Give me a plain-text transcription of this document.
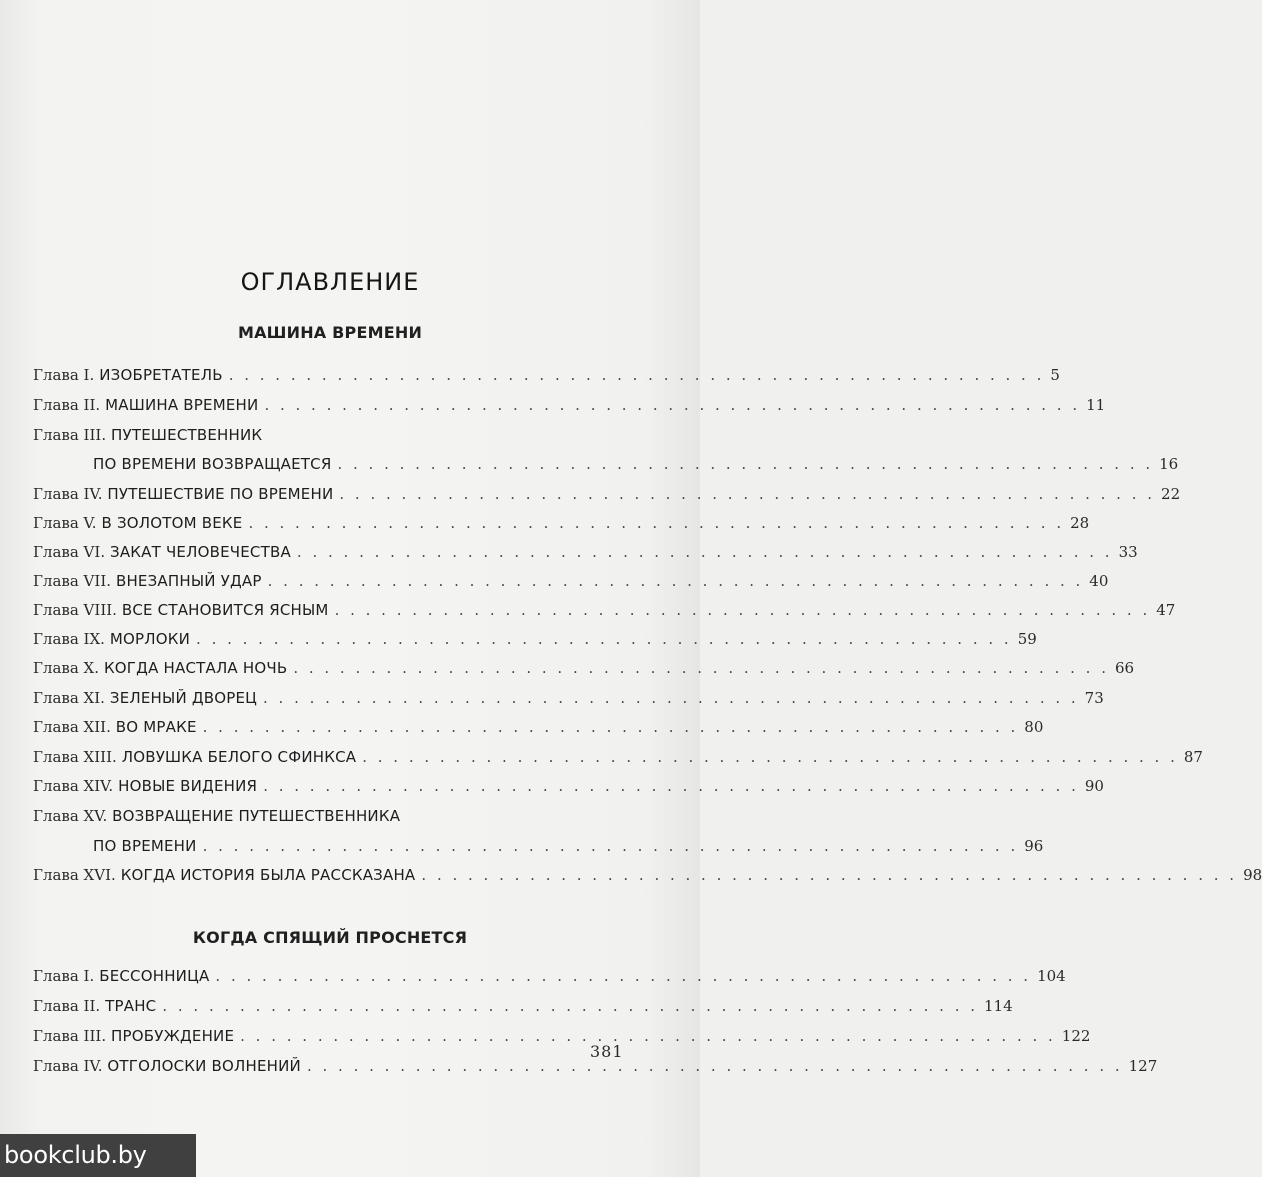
ОГЛАВЛЕНИЕ
МАШИНА ВРЕМЕНИ
Глава I. ИЗОБРЕТАТЕЛЬ . . . . . . . . . . . . . . . . . . . . . . . . . . . . . . . . . . . . . . . . . . . . . . . . . . . . . 5
Глава II. МАШИНА ВРЕМЕНИ . . . . . . . . . . . . . . . . . . . . . . . . . . . . . . . . . . . . . . . . . . . . . . . . . . . . . 11
Глава III. ПУТЕШЕСТВЕННИК
ПО ВРЕМЕНИ ВОЗВРАЩАЕТСЯ . . . . . . . . . . . . . . . . . . . . . . . . . . . . . . . . . . . . . . . . . . . . . . . . . . . . . 16
Глава IV. ПУТЕШЕСТВИЕ ПО ВРЕМЕНИ . . . . . . . . . . . . . . . . . . . . . . . . . . . . . . . . . . . . . . . . . . . . . . . . . . . . . 22
Глава V. В ЗОЛОТОМ ВЕКЕ . . . . . . . . . . . . . . . . . . . . . . . . . . . . . . . . . . . . . . . . . . . . . . . . . . . . . 28
Глава VI. ЗАКАТ ЧЕЛОВЕЧЕСТВА . . . . . . . . . . . . . . . . . . . . . . . . . . . . . . . . . . . . . . . . . . . . . . . . . . . . . 33
Глава VII. ВНЕЗАПНЫЙ УДАР . . . . . . . . . . . . . . . . . . . . . . . . . . . . . . . . . . . . . . . . . . . . . . . . . . . . . 40
Глава VIII. ВСЕ СТАНОВИТСЯ ЯСНЫМ . . . . . . . . . . . . . . . . . . . . . . . . . . . . . . . . . . . . . . . . . . . . . . . . . . . . . 47
Глава IX. МОРЛОКИ . . . . . . . . . . . . . . . . . . . . . . . . . . . . . . . . . . . . . . . . . . . . . . . . . . . . . 59
Глава X. КОГДА НАСТАЛА НОЧЬ . . . . . . . . . . . . . . . . . . . . . . . . . . . . . . . . . . . . . . . . . . . . . . . . . . . . . 66
Глава XI. ЗЕЛЕНЫЙ ДВОРЕЦ . . . . . . . . . . . . . . . . . . . . . . . . . . . . . . . . . . . . . . . . . . . . . . . . . . . . . 73
Глава XII. ВО МРАКЕ . . . . . . . . . . . . . . . . . . . . . . . . . . . . . . . . . . . . . . . . . . . . . . . . . . . . . 80
Глава XIII. ЛОВУШКА БЕЛОГО СФИНКСА . . . . . . . . . . . . . . . . . . . . . . . . . . . . . . . . . . . . . . . . . . . . . . . . . . . . . 87
Глава XIV. НОВЫЕ ВИДЕНИЯ . . . . . . . . . . . . . . . . . . . . . . . . . . . . . . . . . . . . . . . . . . . . . . . . . . . . . 90
Глава XV. ВОЗВРАЩЕНИЕ ПУТЕШЕСТВЕННИКА
ПО ВРЕМЕНИ . . . . . . . . . . . . . . . . . . . . . . . . . . . . . . . . . . . . . . . . . . . . . . . . . . . . . 96
Глава XVI. КОГДА ИСТОРИЯ БЫЛА РАССКАЗАНА . . . . . . . . . . . . . . . . . . . . . . . . . . . . . . . . . . . . . . . . . . . . . . . . . . . . . 98
КОГДА СПЯЩИЙ ПРОСНЕТСЯ
Глава I. БЕССОННИЦА . . . . . . . . . . . . . . . . . . . . . . . . . . . . . . . . . . . . . . . . . . . . . . . . . . . . . 104
Глава II. ТРАНС . . . . . . . . . . . . . . . . . . . . . . . . . . . . . . . . . . . . . . . . . . . . . . . . . . . . . 114
Глава III. ПРОБУЖДЕНИЕ . . . . . . . . . . . . . . . . . . . . . . . . . . . . . . . . . . . . . . . . . . . . . . . . . . . . . 122
Глава IV. ОТГОЛОСКИ ВОЛНЕНИЙ . . . . . . . . . . . . . . . . . . . . . . . . . . . . . . . . . . . . . . . . . . . . . . . . . . . . . 127
381
bookclub.by
